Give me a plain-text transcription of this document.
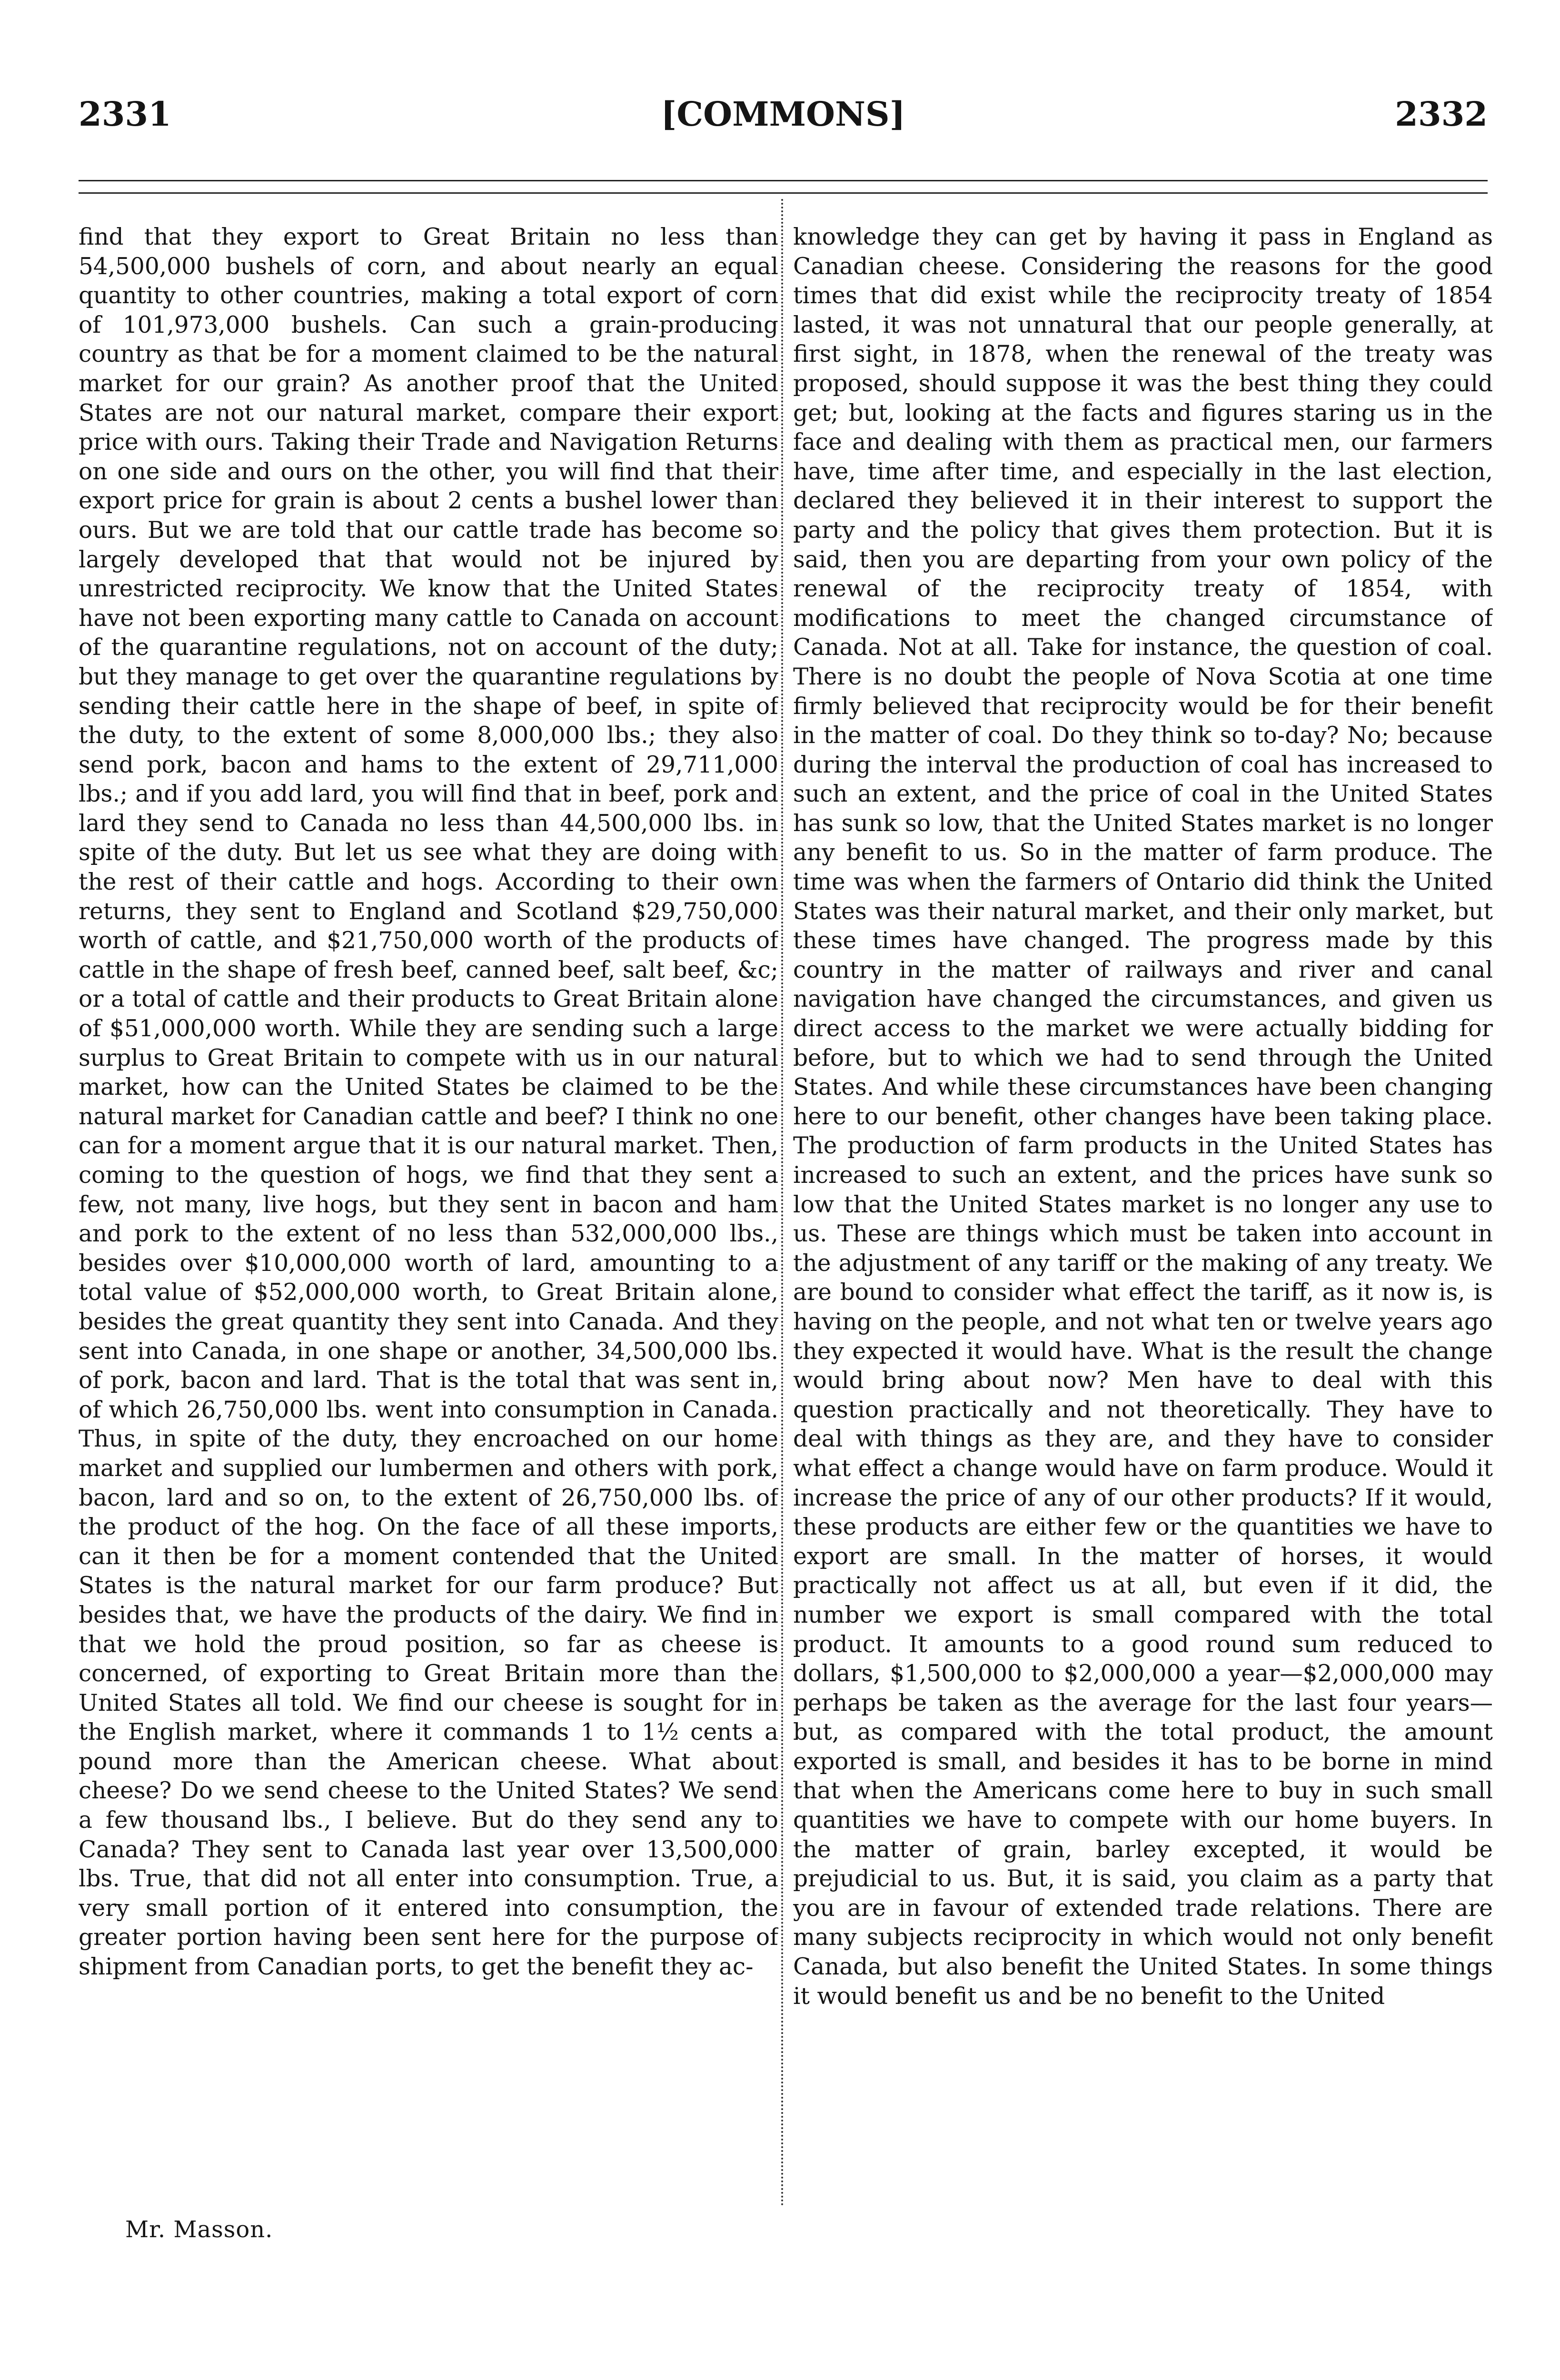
2331	[COMMONS]	2332

find that they export to Great Britain no less than 54,500,000 bushels of corn, and about nearly an equal quantity to other countries, making a total export of corn of 101,973,000 bushels. Can such a grain-producing country as that be for a moment claimed to be the natural market for our grain? As another proof that the United States are not our natural market, compare their export price with ours. Taking their Trade and Navigation Returns on one side and ours on the other, you will find that their export price for grain is about 2 cents a bushel lower than ours. But we are told that our cattle trade has become so largely developed that that would not be injured by unrestricted reciprocity. We know that the United States have not been exporting many cattle to Canada on account of the quarantine regulations, not on account of the duty; but they manage to get over the quarantine regulations by sending their cattle here in the shape of beef, in spite of the duty, to the extent of some 8,000,000 lbs.; they also send pork, bacon and hams to the extent of 29,711,000 lbs.; and if you add lard, you will find that in beef, pork and lard they send to Canada no less than 44,500,000 lbs. in spite of the duty. But let us see what they are doing with the rest of their cattle and hogs. According to their own returns, they sent to England and Scotland $29,750,000 worth of cattle, and $21,750,000 worth of the products of cattle in the shape of fresh beef, canned beef, salt beef, &c; or a total of cattle and their products to Great Britain alone of $51,000,000 worth. While they are sending such a large surplus to Great Britain to compete with us in our natural market, how can the United States be claimed to be the natural market for Canadian cattle and beef? I think no one can for a moment argue that it is our natural market. Then, coming to the question of hogs, we find that they sent a few, not many, live hogs, but they sent in bacon and ham and pork to the extent of no less than 532,000,000 lbs., besides over $10,000,000 worth of lard, amounting to a total value of $52,000,000 worth, to Great Britain alone, besides the great quantity they sent into Canada. And they sent into Canada, in one shape or another, 34,500,000 lbs. of pork, bacon and lard. That is the total that was sent in, of which 26,750,000 lbs. went into consumption in Canada. Thus, in spite of the duty, they encroached on our home market and supplied our lumbermen and others with pork, bacon, lard and so on, to the extent of 26,750,000 lbs. of the product of the hog. On the face of all these imports, can it then be for a moment contended that the United States is the natural market for our farm produce? But besides that, we have the products of the dairy. We find in that we hold the proud position, so far as cheese is concerned, of exporting to Great Britain more than the United States all told. We find our cheese is sought for in the English market, where it commands 1 to 1½ cents a pound more than the American cheese. What about cheese? Do we send cheese to the United States? We send a few thousand lbs., I believe. But do they send any to Canada? They sent to Canada last year over 13,500,000 lbs. True, that did not all enter into consumption. True, a very small portion of it entered into consumption, the greater portion having been sent here for the purpose of shipment from Canadian ports, to get the benefit they ac-

knowledge they can get by having it pass in England as Canadian cheese. Considering the reasons for the good times that did exist while the reciprocity treaty of 1854 lasted, it was not unnatural that our people generally, at first sight, in 1878, when the renewal of the treaty was proposed, should suppose it was the best thing they could get; but, looking at the facts and figures staring us in the face and dealing with them as practical men, our farmers have, time after time, and especially in the last election, declared they believed it in their interest to support the party and the policy that gives them protection. But it is said, then you are departing from your own policy of the renewal of the reciprocity treaty of 1854, with modifications to meet the changed circumstance of Canada. Not at all. Take for instance, the question of coal. There is no doubt the people of Nova Scotia at one time firmly believed that reciprocity would be for their benefit in the matter of coal. Do they think so to-day? No; because during the interval the production of coal has increased to such an extent, and the price of coal in the United States has sunk so low, that the United States market is no longer any benefit to us. So in the matter of farm produce. The time was when the farmers of Ontario did think the United States was their natural market, and their only market, but these times have changed. The progress made by this country in the matter of railways and river and canal navigation have changed the circumstances, and given us direct access to the market we were actually bidding for before, but to which we had to send through the United States. And while these circumstances have been changing here to our benefit, other changes have been taking place. The production of farm products in the United States has increased to such an extent, and the prices have sunk so low that the United States market is no longer any use to us. These are things which must be taken into account in the adjustment of any tariff or the making of any treaty. We are bound to consider what effect the tariff, as it now is, is having on the people, and not what ten or twelve years ago they expected it would have. What is the result the change would bring about now? Men have to deal with this question practically and not theoretically. They have to deal with things as they are, and they have to consider what effect a change would have on farm produce. Would it increase the price of any of our other products? If it would, these products are either few or the quantities we have to export are small. In the matter of horses, it would practically not affect us at all, but even if it did, the number we export is small compared with the total product. It amounts to a good round sum reduced to dollars, $1,500,000 to $2,000,000 a year—$2,000,000 may perhaps be taken as the average for the last four years—but, as compared with the total product, the amount exported is small, and besides it has to be borne in mind that when the Americans come here to buy in such small quantities we have to compete with our home buyers. In the matter of grain, barley excepted, it would be prejudicial to us. But, it is said, you claim as a party that you are in favour of extended trade relations. There are many subjects reciprocity in which would not only benefit Canada, but also benefit the United States. In some things it would benefit us and be no benefit to the United

Mr. Masson.
